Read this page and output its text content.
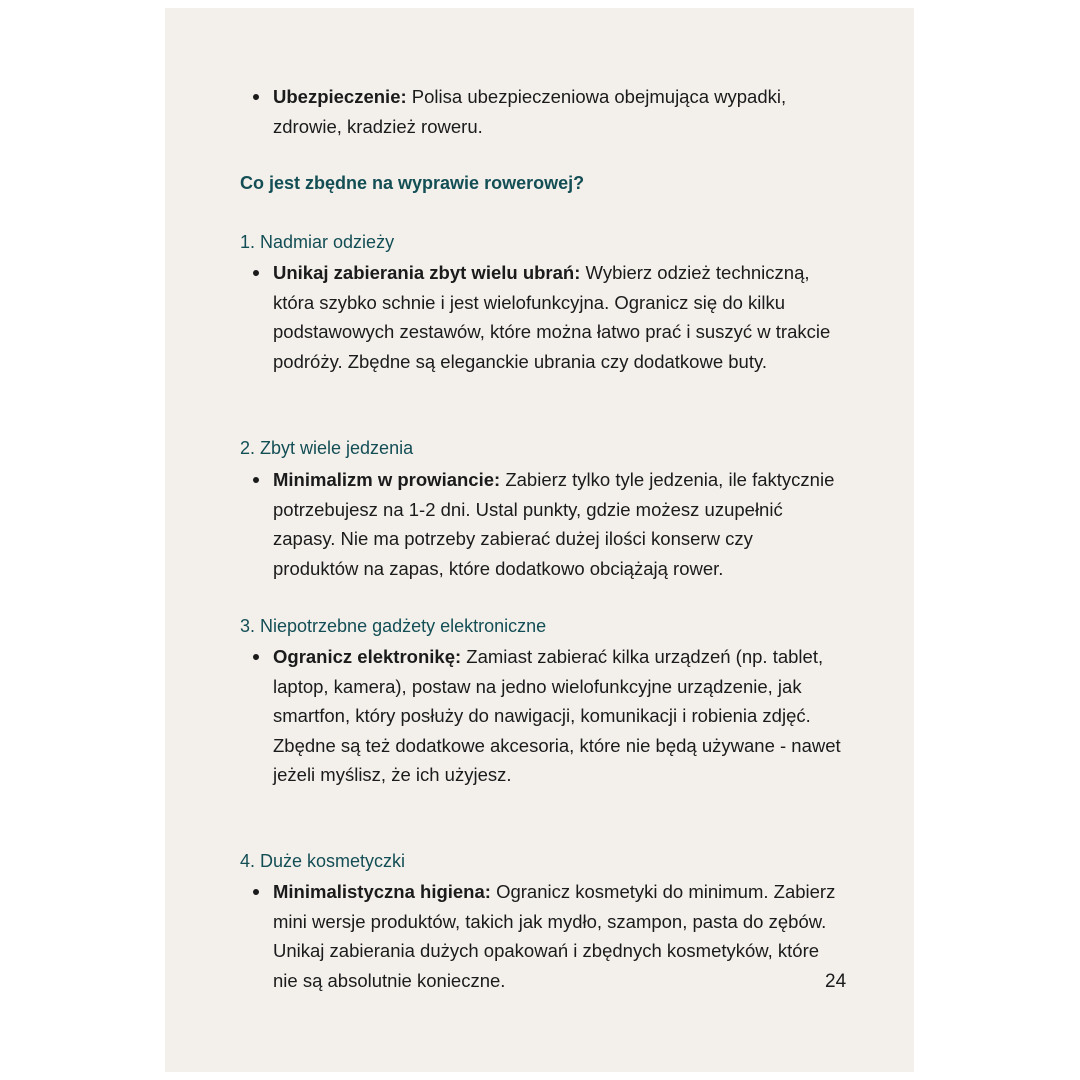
Ubezpieczenie: Polisa ubezpieczeniowa obejmująca wypadki, zdrowie, kradzież roweru.
Co jest zbędne na wyprawie rowerowej?
1. Nadmiar odzieży
Unikaj zabierania zbyt wielu ubrań: Wybierz odzież techniczną, która szybko schnie i jest wielofunkcyjna. Ogranicz się do kilku podstawowych zestawów, które można łatwo prać i suszyć w trakcie podróży. Zbędne są eleganckie ubrania czy dodatkowe buty.
2. Zbyt wiele jedzenia
Minimalizm w prowiancie: Zabierz tylko tyle jedzenia, ile faktycznie potrzebujesz na 1-2 dni. Ustal punkty, gdzie możesz uzupełnić zapasy. Nie ma potrzeby zabierać dużej ilości konserw czy produktów na zapas, które dodatkowo obciążają rower.
3. Niepotrzebne gadżety elektroniczne
Ogranicz elektronikę: Zamiast zabierać kilka urządzeń (np. tablet, laptop, kamera), postaw na jedno wielofunkcyjne urządzenie, jak smartfon, który posłuży do nawigacji, komunikacji i robienia zdjęć. Zbędne są też dodatkowe akcesoria, które nie będą używane - nawet jeżeli myślisz, że ich użyjesz.
4. Duże kosmetyczki
Minimalistyczna higiena: Ogranicz kosmetyki do minimum. Zabierz mini wersje produktów, takich jak mydło, szampon, pasta do zębów. Unikaj zabierania dużych opakowań i zbędnych kosmetyków, które nie są absolutnie konieczne.	24
